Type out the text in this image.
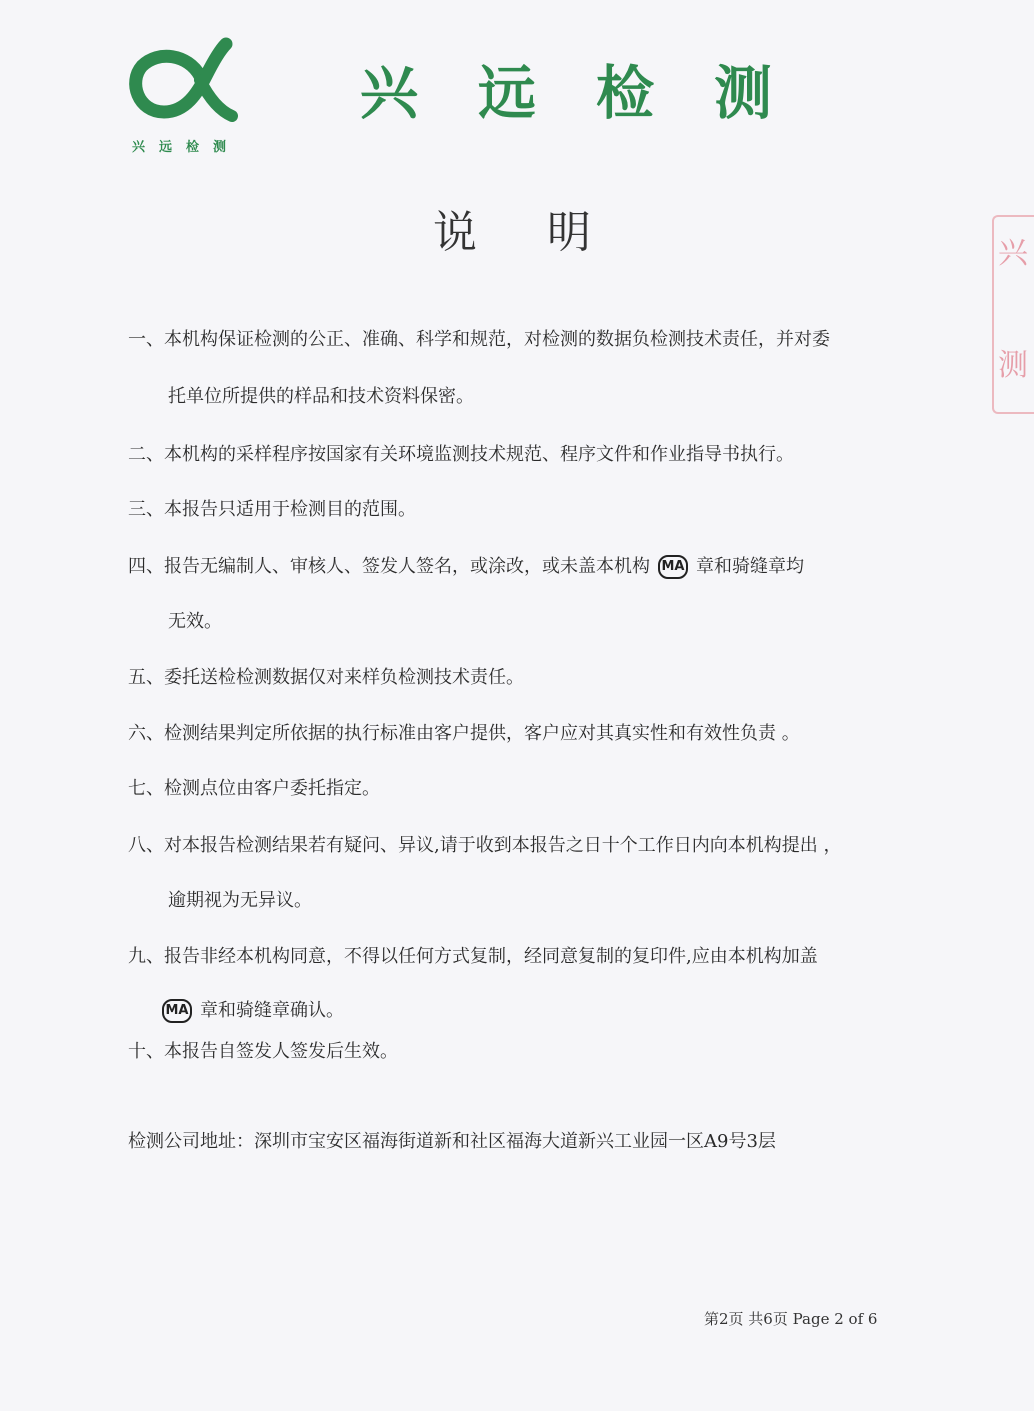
兴远检测
兴远检测
说明
一、本机构保证检测的公正、准确、科学和规范，对检测的数据负检测技术责任，并对委
托单位所提供的样品和技术资料保密。
二、本机构的采样程序按国家有关环境监测技术规范、程序文件和作业指导书执行。
三、本报告只适用于检测目的范围。
四、报告无编制人、审核人、签发人签名，或涂改，或未盖本机构 MA 章和骑缝章均
无效。
五、委托送检检测数据仅对来样负检测技术责任。
六、检测结果判定所依据的执行标准由客户提供，客户应对其真实性和有效性负责 。
七、检测点位由客户委托指定。
八、对本报告检测结果若有疑问、异议,请于收到本报告之日十个工作日内向本机构提出 ，
逾期视为无异议。
九、报告非经本机构同意，不得以任何方式复制，经同意复制的复印件,应由本机构加盖
MA 章和骑缝章确认。
十、本报告自签发人签发后生效。
检测公司地址：深圳市宝安区福海街道新和社区福海大道新兴工业园一区A9号3层
第2页 共6页 Page 2 of 6
兴
测
